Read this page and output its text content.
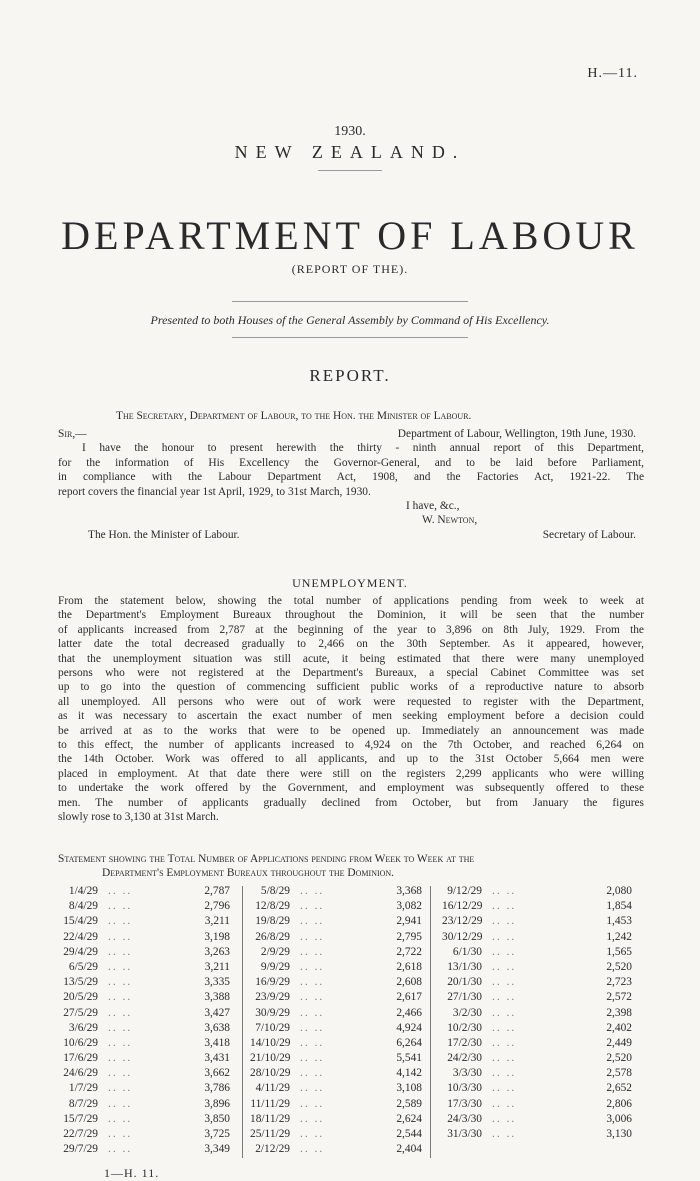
H.—11.
1930.
NEW ZEALAND.
DEPARTMENT OF LABOUR
(REPORT OF THE).
Presented to both Houses of the General Assembly by Command of His Excellency.
REPORT.
The Secretary, Department of Labour, to the Hon. the Minister of Labour.
Sir,—	Department of Labour, Wellington, 19th June, 1930.
I have the honour to present herewith the thirty - ninth annual report of this Department,
for the information of His Excellency the Governor-General, and to be laid before Parliament,
in compliance with the Labour Department Act, 1908, and the Factories Act, 1921-22. The
report covers the financial year 1st April, 1929, to 31st March, 1930.
I have, &c.,
W. Newton,
The Hon. the Minister of Labour.	Secretary of Labour.
UNEMPLOYMENT.
From the statement below, showing the total number of applications pending from week to week at
the Department's Employment Bureaux throughout the Dominion, it will be seen that the number
of applicants increased from 2,787 at the beginning of the year to 3,896 on 8th July, 1929. From the
latter date the total decreased gradually to 2,466 on the 30th September. As it appeared, however,
that the unemployment situation was still acute, it being estimated that there were many unemployed
persons who were not registered at the Department's Bureaux, a special Cabinet Committee was set
up to go into the question of commencing sufficient public works of a reproductive nature to absorb
all unemployed. All persons who were out of work were requested to register with the Department,
as it was necessary to ascertain the exact number of men seeking employment before a decision could
be arrived at as to the works that were to be opened up. Immediately an announcement was made
to this effect, the number of applicants increased to 4,924 on the 7th October, and reached 6,264 on
the 14th October. Work was offered to all applicants, and up to the 31st October 5,664 men were
placed in employment. At that date there were still on the registers 2,299 applicants who were willing
to undertake the work offered by the Government, and employment was subsequently offered to these
men. The number of applicants gradually declined from October, but from January the figures
slowly rose to 3,130 at 31st March.
Statement showing the Total Number of Applications pending from Week to Week at the
Department's Employment Bureaux throughout the Dominion.
1/4/29 .. ..	2,787
8/4/29 .. ..	2,796
15/4/29 .. ..	3,211
22/4/29 .. ..	3,198
29/4/29 .. ..	3,263
6/5/29 .. ..	3,211
13/5/29 .. ..	3,335
20/5/29 .. ..	3,388
27/5/29 .. ..	3,427
3/6/29 .. ..	3,638
10/6/29 .. ..	3,418
17/6/29 .. ..	3,431
24/6/29 .. ..	3,662
1/7/29 .. ..	3,786
8/7/29 .. ..	3,896
15/7/29 .. ..	3,850
22/7/29 .. ..	3,725
29/7/29 .. ..	3,349
5/8/29 .. ..	3,368
12/8/29 .. ..	3,082
19/8/29 .. ..	2,941
26/8/29 .. ..	2,795
2/9/29 .. ..	2,722
9/9/29 .. ..	2,618
16/9/29 .. ..	2,608
23/9/29 .. ..	2,617
30/9/29 .. ..	2,466
7/10/29 .. ..	4,924
14/10/29 .. ..	6,264
21/10/29 .. ..	5,541
28/10/29 .. ..	4,142
4/11/29 .. ..	3,108
11/11/29 .. ..	2,589
18/11/29 .. ..	2,624
25/11/29 .. ..	2,544
2/12/29 .. ..	2,404
9/12/29 .. ..	2,080
16/12/29 .. ..	1,854
23/12/29 .. ..	1,453
30/12/29 .. ..	1,242
6/1/30 .. ..	1,565
13/1/30 .. ..	2,520
20/1/30 .. ..	2,723
27/1/30 .. ..	2,572
3/2/30 .. ..	2,398
10/2/30 .. ..	2,402
17/2/30 .. ..	2,449
24/2/30 .. ..	2,520
3/3/30 .. ..	2,578
10/3/30 .. ..	2,652
17/3/30 .. ..	2,806
24/3/30 .. ..	3,006
31/3/30 .. ..	3,130
1—H. 11.
